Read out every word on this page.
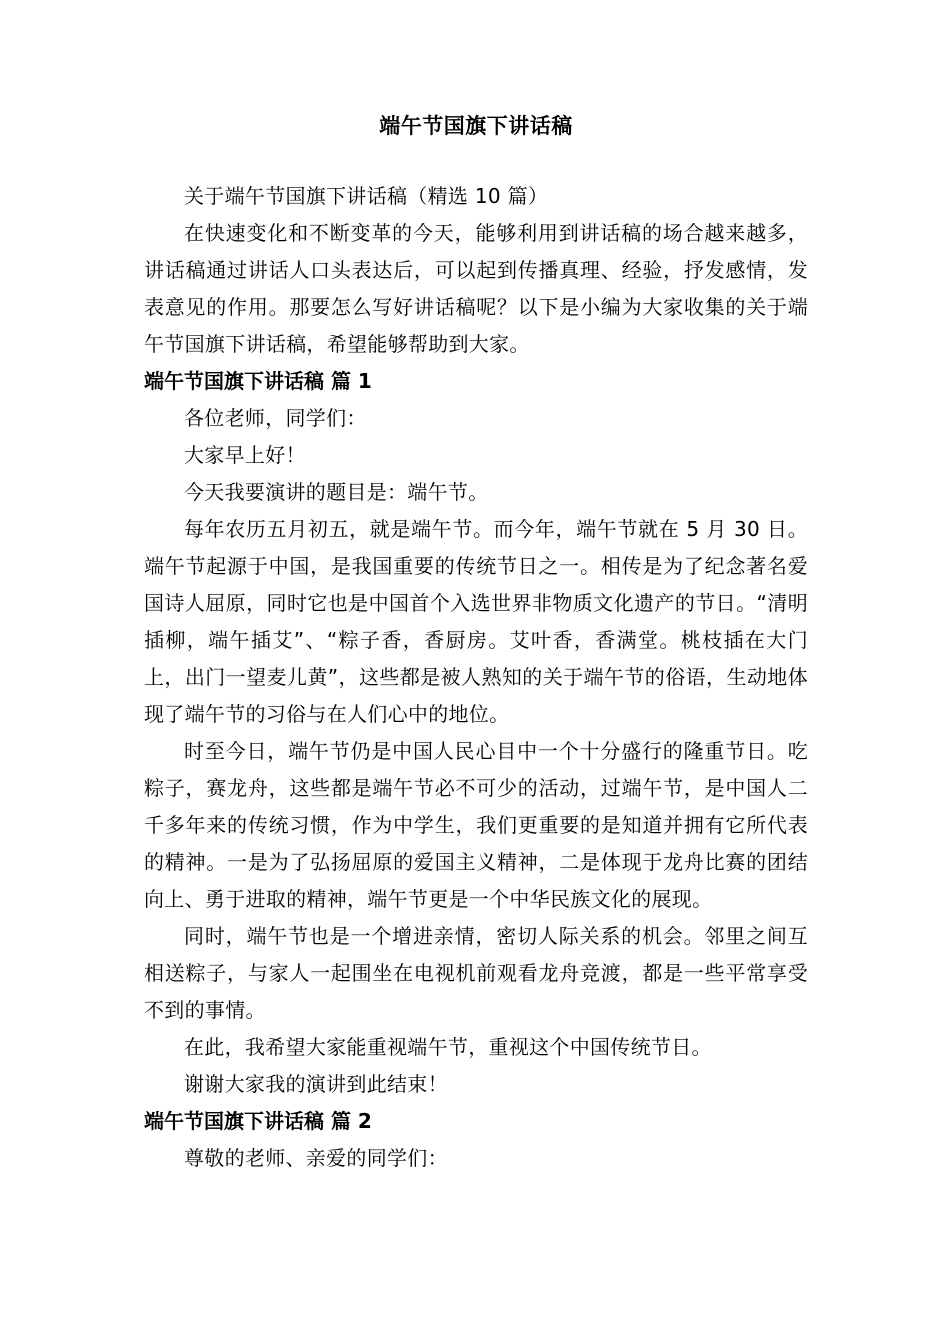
端午节国旗下讲话稿

关于端午节国旗下讲话稿（精选 10 篇）

在快速变化和不断变革的今天，能够利用到讲话稿的场合越来越多，讲话稿通过讲话人口头表达后，可以起到传播真理、经验，抒发感情，发表意见的作用。那要怎么写好讲话稿呢？以下是小编为大家收集的关于端午节国旗下讲话稿，希望能够帮助到大家。

端午节国旗下讲话稿 篇 1

各位老师，同学们：

大家早上好！

今天我要演讲的题目是：端午节。

每年农历五月初五，就是端午节。而今年，端午节就在 5 月 30 日。端午节起源于中国，是我国重要的传统节日之一。相传是为了纪念著名爱国诗人屈原，同时它也是中国首个入选世界非物质文化遗产的节日。“清明插柳，端午插艾”、“粽子香，香厨房。艾叶香，香满堂。桃枝插在大门上，出门一望麦儿黄”，这些都是被人熟知的关于端午节的俗语，生动地体现了端午节的习俗与在人们心中的地位。

时至今日，端午节仍是中国人民心目中一个十分盛行的隆重节日。吃粽子，赛龙舟，这些都是端午节必不可少的活动，过端午节，是中国人二千多年来的传统习惯，作为中学生，我们更重要的是知道并拥有它所代表的精神。一是为了弘扬屈原的爱国主义精神，二是体现于龙舟比赛的团结向上、勇于进取的精神，端午节更是一个中华民族文化的展现。

同时，端午节也是一个增进亲情，密切人际关系的机会。邻里之间互相送粽子，与家人一起围坐在电视机前观看龙舟竞渡，都是一些平常享受不到的事情。

在此，我希望大家能重视端午节，重视这个中国传统节日。

谢谢大家我的演讲到此结束！

端午节国旗下讲话稿 篇 2

尊敬的老师、亲爱的同学们：
